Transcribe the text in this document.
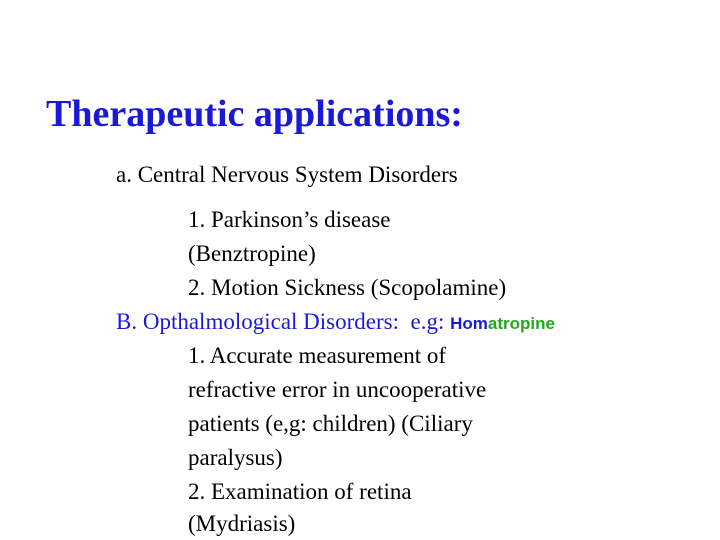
Therapeutic applications:
a. Central Nervous System Disorders
1. Parkinson’s disease
(Benztropine)
2. Motion Sickness (Scopolamine)
B. Opthalmological Disorders:  e.g: Homatropine
1. Accurate measurement of
refractive error in uncooperative
patients (e,g: children) (Ciliary
paralysus)
2. Examination of retina
(Mydriasis)
